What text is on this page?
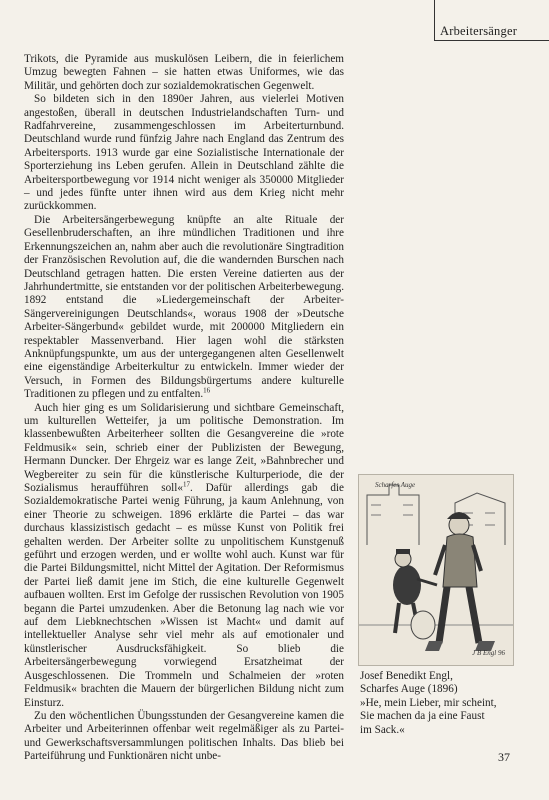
Arbeitersänger

Trikots, die Pyramide aus muskulösen Leibern, die in feierlichem Umzug bewegten Fahnen – sie hatten etwas Uniformes, wie das Militär, und gehörten doch zur sozialdemokratischen Gegenwelt.

So bildeten sich in den 1890er Jahren, aus vielerlei Motiven angestoßen, überall in deutschen Industrielandschaften Turn- und Radfahrvereine, zusammengeschlossen im Arbeiterturnbund. Deutschland wurde rund fünfzig Jahre nach England das Zentrum des Arbeitersports. 1913 wurde gar eine Sozialistische Internationale der Sporterziehung ins Leben gerufen. Allein in Deutschland zählte die Arbeitersportbewegung vor 1914 nicht weniger als 350000 Mitglieder – und jedes fünfte unter ihnen wird aus dem Krieg nicht mehr zurückkommen.

Die Arbeitersängerbewegung knüpfte an alte Rituale der Gesellenbruderschaften, an ihre mündlichen Traditionen und ihre Erkennungszeichen an, nahm aber auch die revolutionäre Singtradition der Französischen Revolution auf, die die wandernden Burschen nach Deutschland getragen hatten. Die ersten Vereine datierten aus der Jahrhundertmitte, sie entstanden vor der politischen Arbeiterbewegung. 1892 entstand die »Liedergemeinschaft der Arbeiter-Sängervereinigungen Deutschlands«, woraus 1908 der »Deutsche Arbeiter-Sängerbund« gebildet wurde, mit 200000 Mitgliedern ein respektabler Massenverband. Hier lagen wohl die stärksten Anknüpfungspunkte, um aus der untergegangenen alten Gesellenwelt eine eigenständige Arbeiterkultur zu entwickeln. Immer wieder der Versuch, in Formen des Bildungsbürgertums andere kulturelle Traditionen zu pflegen und zu entfalten.$^{16}$

Auch hier ging es um Solidarisierung und sichtbare Gemeinschaft, um kulturellen Wetteifer, ja um politische Demonstration. Im klassenbewußten Arbeiterheer sollten die Gesangvereine die »rote Feldmusik« sein, schrieb einer der Publizisten der Bewegung, Hermann Duncker. Der Ehrgeiz war es lange Zeit, »Bahnbrecher und Wegbereiter zu sein für die künstlerische Kulturperiode, die der Sozialismus heraufführen soll«$^{17}$. Dafür allerdings gab die Sozialdemokratische Partei wenig Führung, ja kaum Anlehnung, von einer Theorie zu schweigen. 1896 erklärte die Partei – das war durchaus klassizistisch gedacht – es müsse Kunst von Politik frei gehalten werden. Der Arbeiter sollte zu unpolitischem Kunstgenuß geführt und erzogen werden, und er wollte wohl auch. Kunst war für die Partei Bildungsmittel, nicht Mittel der Agitation. Der Reformismus der Partei ließ damit jene im Stich, die eine kulturelle Gegenwelt aufbauen wollten. Erst im Gefolge der russischen Revolution von 1905 begann die Partei umzudenken. Aber die Betonung lag nach wie vor auf dem Liebknechtschen »Wissen ist Macht« und damit auf intellektueller Analyse sehr viel mehr als auf emotionaler und künstlerischer Ausdrucksfähigkeit. So blieb die Arbeitersängerbewegung vorwiegend Ersatzheimat der Ausgeschlossenen. Die Trommeln und Schalmeien der »roten Feldmusik« brachten die Mauern der bürgerlichen Bildung nicht zum Einsturz.

Zu den wöchentlichen Übungsstunden der Gesangvereine kamen die Arbeiter und Arbeiterinnen offenbar weit regelmäßiger als zu Partei- und Gewerkschaftsversammlungen politischen Inhalts. Das blieb bei Parteiführung und Funktionären nicht unbe-

Scharfes Auge
J B Engl 96
Josef Benedikt Engl,
Scharfes Auge (1896)
»He, mein Lieber, mir scheint,
Sie machen da ja eine Faust
im Sack.«
37
